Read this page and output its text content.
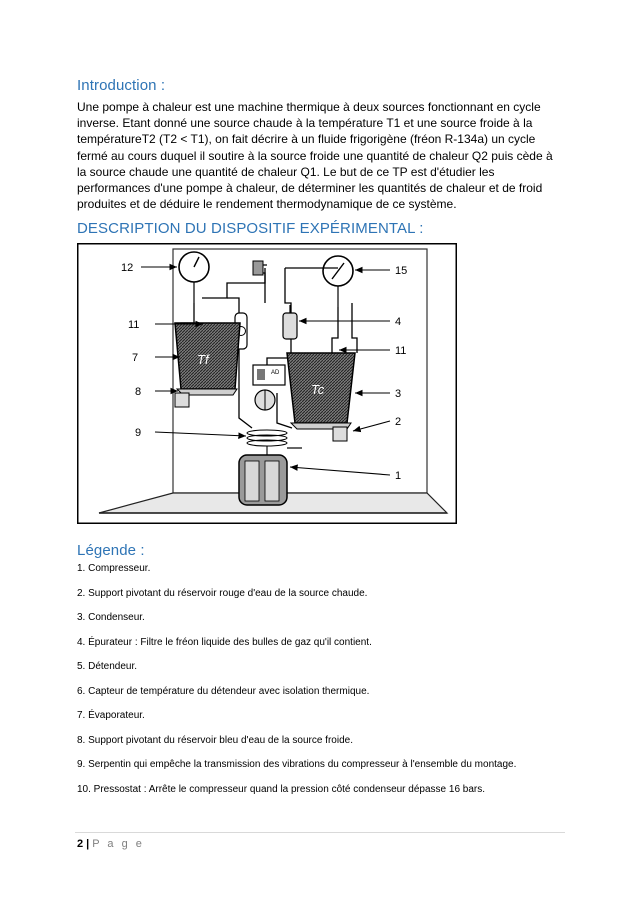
Introduction :

Une pompe à chaleur est une machine thermique à deux sources fonctionnant en cycle inverse. Etant donné une source chaude à la température T1 et une source froide à la températureT2 (T2 < T1), on fait décrire à un fluide frigorigène (fréon R-134a) un cycle fermé au cours duquel il soutire à la source froide une quantité de chaleur Q2 puis cède à la source chaude une quantité de chaleur Q1. Le but de ce TP est d'étudier les performances d'une pompe à chaleur, de déterminer les quantités de chaleur et de froid produites et de déduire le rendement thermodynamique de ce système.

DESCRIPTION DU DISPOSITIF EXPÉRIMENTAL :
Tf
Tc
AD
12	15
4
11
11
7
3
8
2
9
1
Légende :
1. Compresseur.
2. Support pivotant du réservoir rouge d'eau de la source chaude.
3. Condenseur.
4. Épurateur : Filtre le fréon liquide des bulles de gaz qu'il contient.
5. Détendeur.
6. Capteur de température du détendeur avec isolation thermique.
7. Évaporateur.
8. Support pivotant du réservoir bleu d'eau de la source froide.
9. Serpentin qui empêche la transmission des vibrations du compresseur à l'ensemble du montage.
10. Pressostat : Arrête le compresseur quand la pression côté condenseur dépasse 16 bars.
2 | P a g e
